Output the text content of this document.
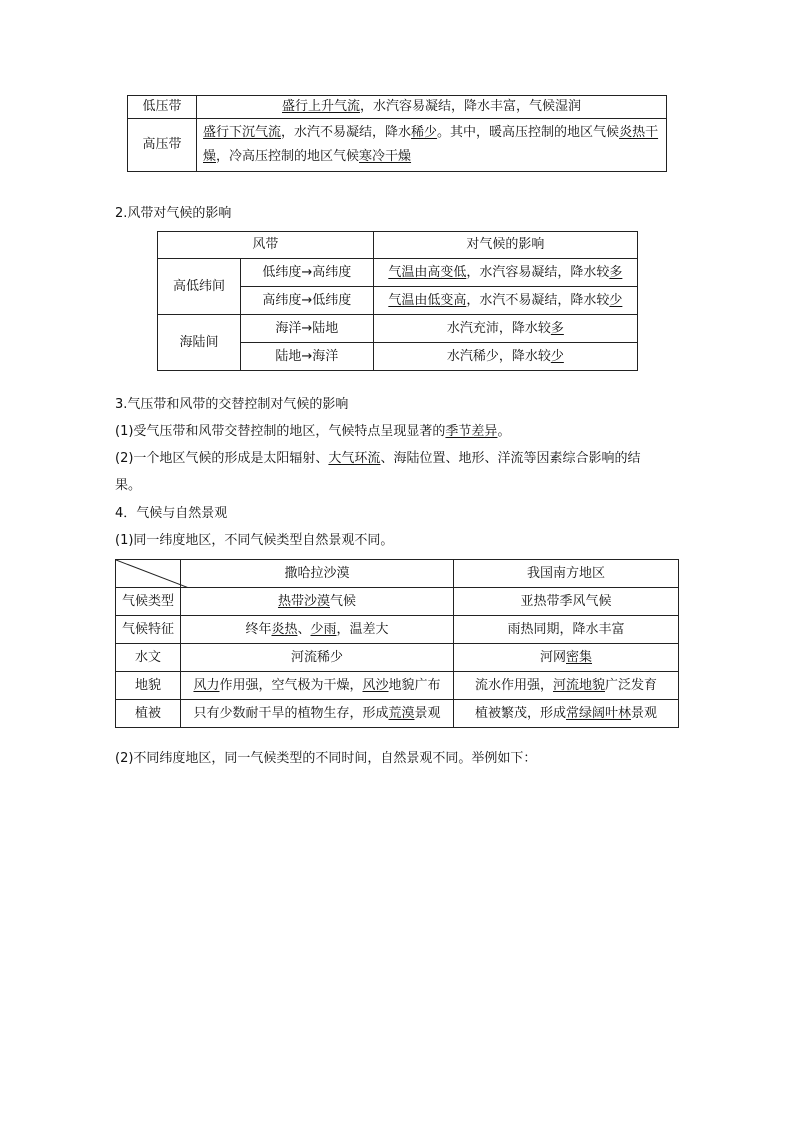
低压带	盛行上升气流，水汽容易凝结，降水丰富，气候湿润
高压带	盛行下沉气流，水汽不易凝结，降水稀少。其中，暖高压控制的地区气候炎热干燥，冷高压控制的地区气候寒冷干燥
2.风带对气候的影响
风带		对气候的影响
高低纬间	低纬度→高纬度	气温由高变低，水汽容易凝结，降水较多
	高纬度→低纬度	气温由低变高，水汽不易凝结，降水较少
海陆间	海洋→陆地	水汽充沛，降水较多
	陆地→海洋	水汽稀少，降水较少
3.气压带和风带的交替控制对气候的影响
(1)受气压带和风带交替控制的地区，气候特点呈现显著的季节差异。
(2)一个地区气候的形成是太阳辐射、大气环流、海陆位置、地形、洋流等因素综合影响的结
果。
4．气候与自然景观
(1)同一纬度地区，不同气候类型自然景观不同。
	撒哈拉沙漠	我国南方地区
气候类型	热带沙漠气候	亚热带季风气候
气候特征	终年炎热、少雨，温差大	雨热同期，降水丰富
水文	河流稀少	河网密集
地貌	风力作用强，空气极为干燥，风沙地貌广布	流水作用强，河流地貌广泛发育
植被	只有少数耐干旱的植物生存，形成荒漠景观	植被繁茂，形成常绿阔叶林景观
(2)不同纬度地区，同一气候类型的不同时间，自然景观不同。举例如下：
